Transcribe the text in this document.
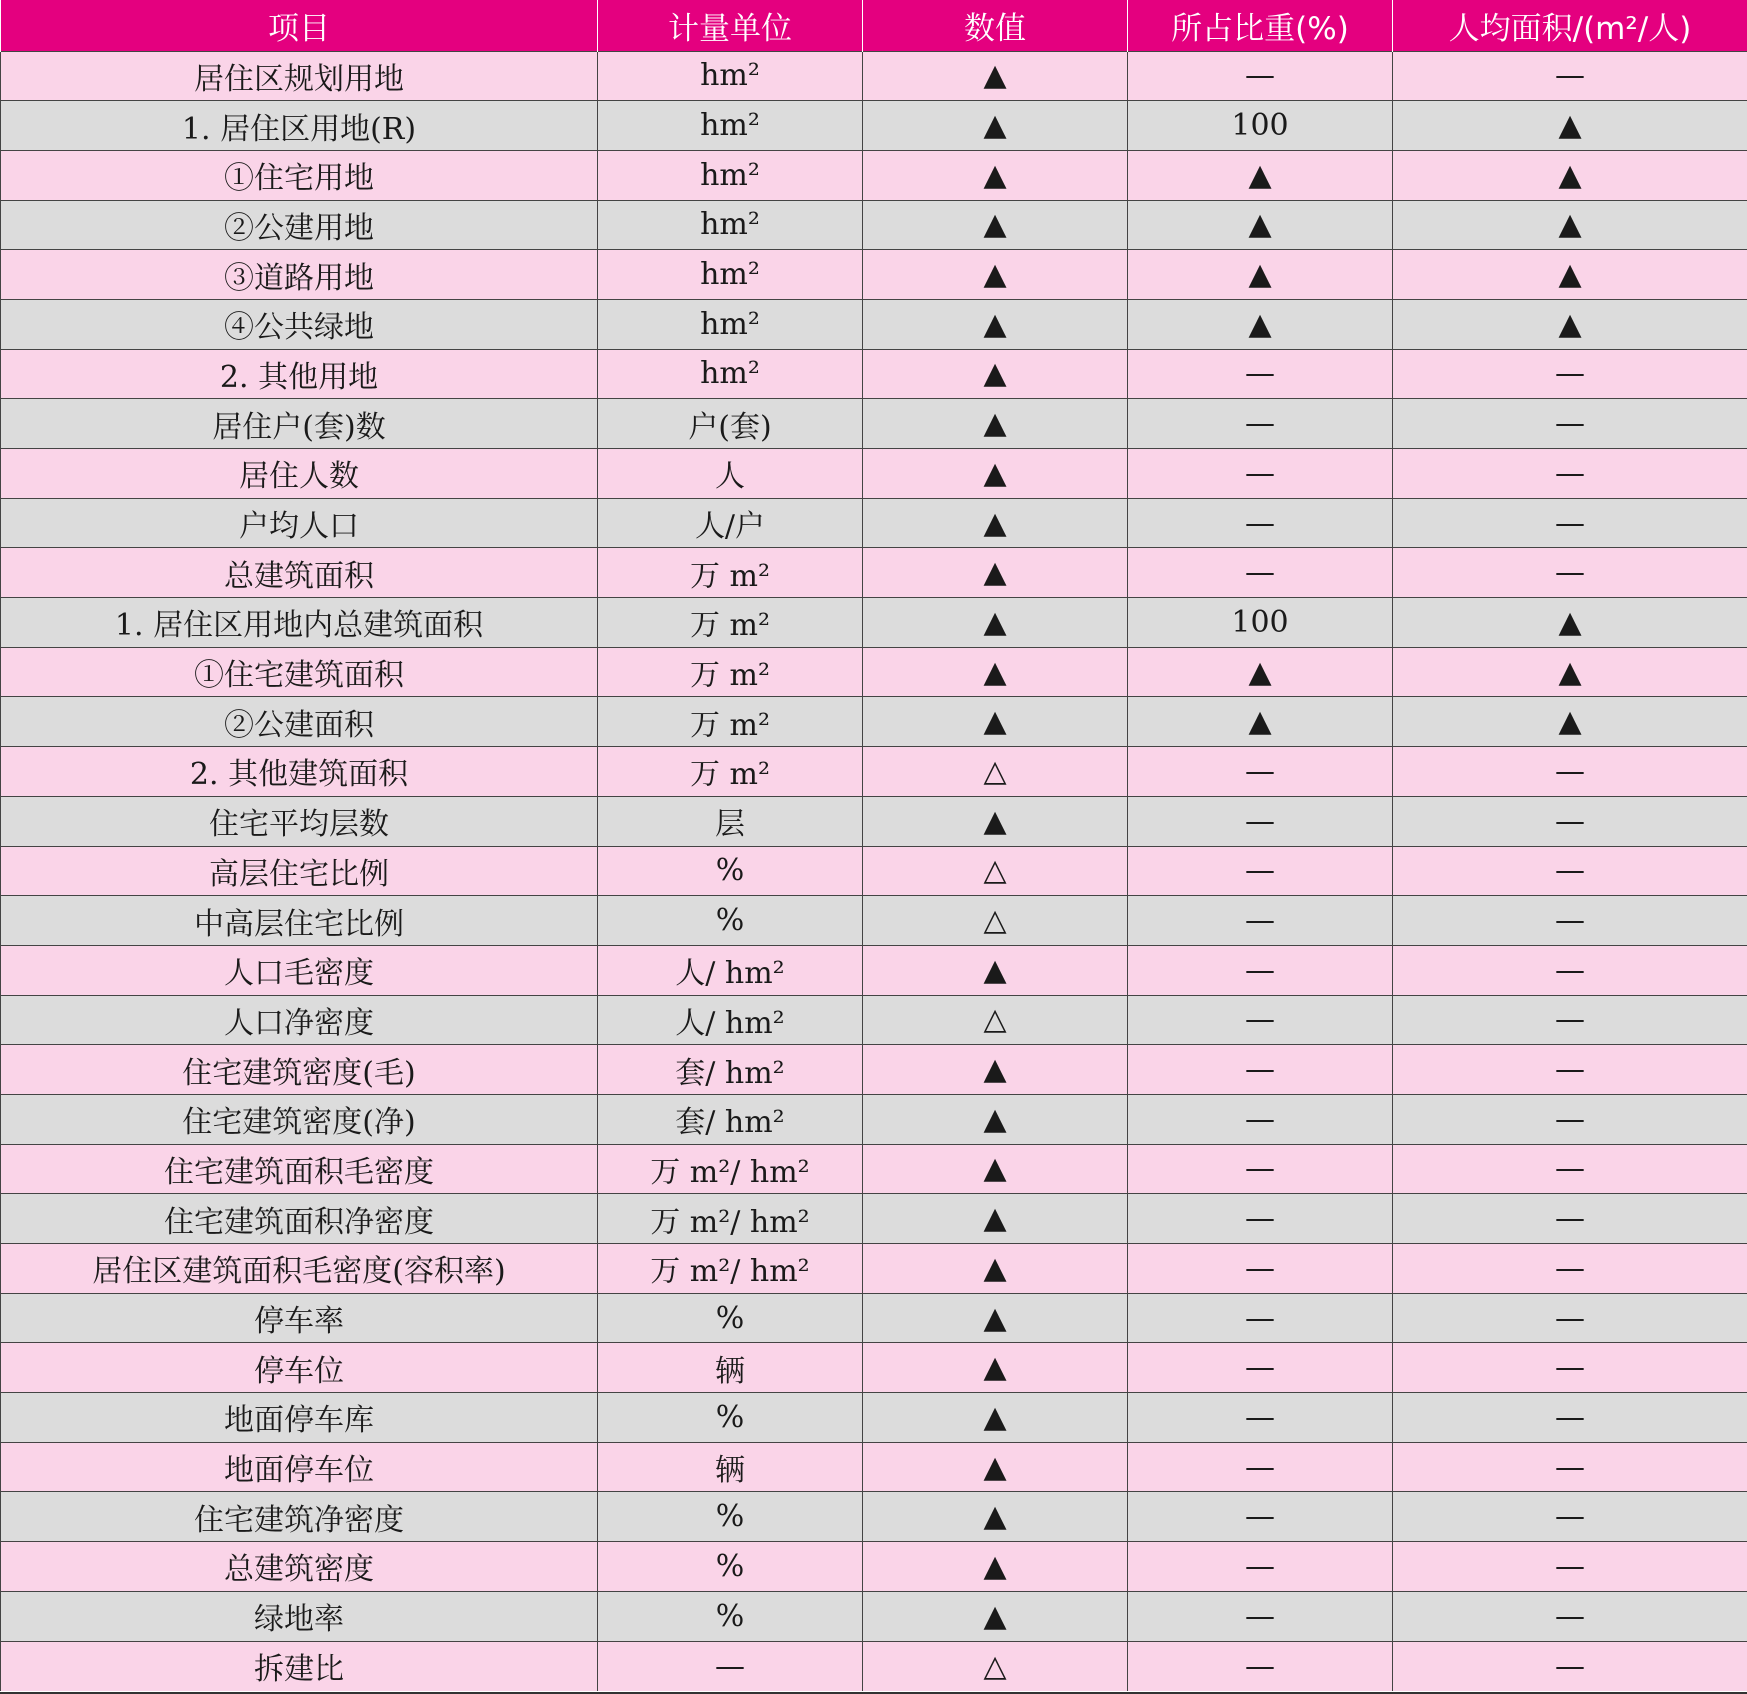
项目	计量单位	数值	所占比重(%)	人均面积/(m²/人)
居住区规划用地	hm²	▲	—	—
1. 居住区用地(R)	hm²	▲	100	▲
①住宅用地	hm²	▲	▲	▲
②公建用地	hm²	▲	▲	▲
③道路用地	hm²	▲	▲	▲
④公共绿地	hm²	▲	▲	▲
2. 其他用地	hm²	▲	—	—
居住户(套)数	户(套)	▲	—	—
居住人数	人	▲	—	—
户均人口	人/户	▲	—	—
总建筑面积	万 m²	▲	—	—
1. 居住区用地内总建筑面积	万 m²	▲	100	▲
①住宅建筑面积	万 m²	▲	▲	▲
②公建面积	万 m²	▲	▲	▲
2. 其他建筑面积	万 m²	△	—	—
住宅平均层数	层	▲	—	—
高层住宅比例	%	△	—	—
中高层住宅比例	%	△	—	—
人口毛密度	人/ hm²	▲	—	—
人口净密度	人/ hm²	△	—	—
住宅建筑密度(毛)	套/ hm²	▲	—	—
住宅建筑密度(净)	套/ hm²	▲	—	—
住宅建筑面积毛密度	万 m²/ hm²	▲	—	—
住宅建筑面积净密度	万 m²/ hm²	▲	—	—
居住区建筑面积毛密度(容积率)	万 m²/ hm²	▲	—	—
停车率	%	▲	—	—
停车位	辆	▲	—	—
地面停车库	%	▲	—	—
地面停车位	辆	▲	—	—
住宅建筑净密度	%	▲	—	—
总建筑密度	%	▲	—	—
绿地率	%	▲	—	—
拆建比	—	△	—	—
